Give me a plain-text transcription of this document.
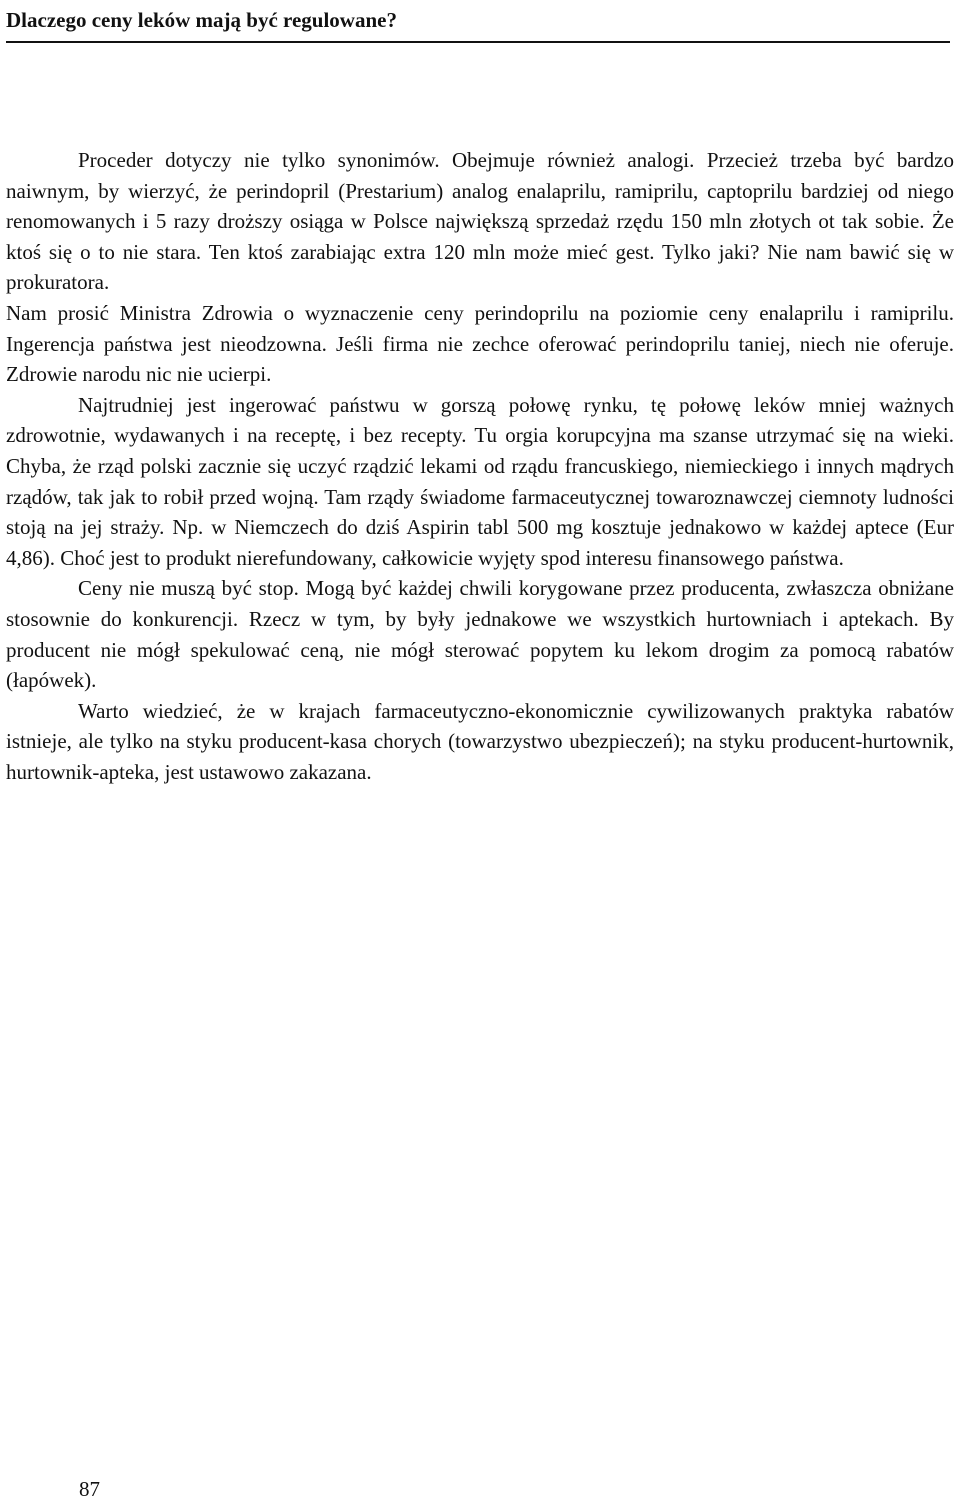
Dlaczego ceny leków mają być regulowane?

Proceder dotyczy nie tylko synonimów. Obejmuje również analogi. Przecież trzeba być bardzo naiwnym, by wierzyć, że perindopril (Prestarium) analog enalaprilu, ramiprilu, captoprilu bardziej od niego renomowanych i 5 razy droższy osiąga w Polsce największą sprzedaż rzędu 150 mln złotych ot tak sobie. Że ktoś się o to nie stara. Ten ktoś zarabiając extra 120 mln może mieć gest. Tylko jaki? Nie nam bawić się w prokuratora.

Nam prosić Ministra Zdrowia o wyznaczenie ceny perindoprilu na poziomie ceny enalaprilu i ramiprilu. Ingerencja państwa jest nieodzowna. Jeśli firma nie zechce oferować perindoprilu taniej, niech nie oferuje. Zdrowie narodu nic nie ucierpi.

Najtrudniej jest ingerować państwu w gorszą połowę rynku, tę połowę leków mniej ważnych zdrowotnie, wydawanych i na receptę, i bez recepty. Tu orgia korupcyjna ma szanse utrzymać się na wieki. Chyba, że rząd polski zacznie się uczyć rządzić lekami od rządu francuskiego, niemieckiego i innych mądrych rządów, tak jak to robił przed wojną. Tam rządy świadome farmaceutycznej towaroznawczej ciemnoty ludności stoją na jej straży. Np. w Niemczech do dziś Aspirin tabl 500 mg kosztuje jednakowo w każdej aptece (Eur 4,86). Choć jest to produkt nierefundowany, całkowicie wyjęty spod interesu finansowego państwa.

Ceny nie muszą być stop. Mogą być każdej chwili korygowane przez producenta, zwłaszcza obniżane stosownie do konkurencji. Rzecz w tym, by były jednakowe we wszystkich hurtowniach i aptekach. By producent nie mógł spekulować ceną, nie mógł sterować popytem ku lekom drogim za pomocą rabatów (łapówek).

Warto wiedzieć, że w krajach farmaceutyczno-ekonomicznie cywilizowanych praktyka rabatów istnieje, ale tylko na styku producent-kasa chorych (towarzystwo ubezpieczeń); na styku producent-hurtownik, hurtownik-apteka, jest ustawowo zakazana.

87
